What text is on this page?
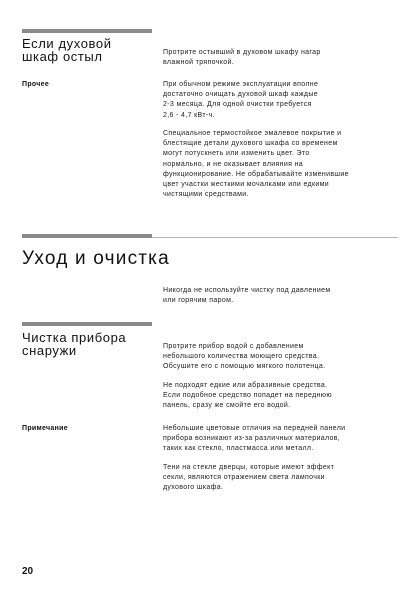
Если духовой
шкаф остыл	Протрите остывший в духовом шкафу нагар
влажной тряпочкой.
Прочее	При обычном режиме эксплуатации вполне
достаточно очищать духовой шкаф каждые
2-3 месяца. Для одной очистки требуется
2,6 - 4,7 кВт-ч.
Специальное термостойкое эмалевое покрытие и
блестящие детали духового шкафа со временем
могут потускнеть или изменить цвет. Это
нормально, и не оказывает влияния на
функционирование. Не обрабатывайте изменившие
цвет участки жесткими мочалками или едкими
чистящими средствами.
Уход и очистка
Никогда не используйте чистку под давлением
или горячим паром.
Чистка прибора
снаружи	Протрите прибор водой с добавлением
небольшого количества моющего средства.
Обсушите его с помощью мягкого полотенца.
Не подходят едкие или абразивные средства.
Если подобное средство попадет на переднюю
панель, сразу же смойте его водой.
Примечание	Небольшие цветовые отличия на передней панели
прибора возникают из-за различных материалов,
таких как стекло, пластмасса или металл.
Тени на стекле дверцы, которые имеют эффект
секли, являются отражением света лампочки
духового шкафа.
20
